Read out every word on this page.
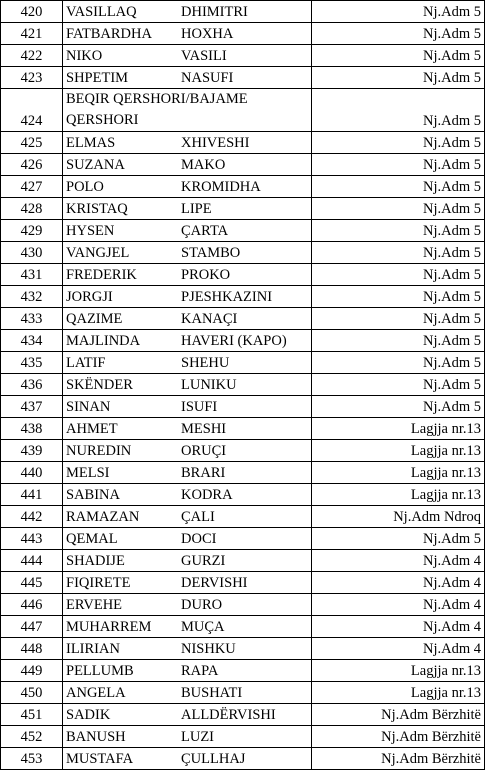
420	VASILLAQ DHIMITRI	Nj.Adm 5
421	FATBARDHA HOXHA	Nj.Adm 5
422	NIKO VASILI	Nj.Adm 5
423	SHPETIM NASUFI	Nj.Adm 5
424	BEQIR QERSHORI/BAJAME QERSHORI	Nj.Adm 5
425	ELMAS XHIVESHI	Nj.Adm 5
426	SUZANA MAKO	Nj.Adm 5
427	POLO KROMIDHA	Nj.Adm 5
428	KRISTAQ LIPE	Nj.Adm 5
429	HYSEN ÇARTA	Nj.Adm 5
430	VANGJEL STAMBO	Nj.Adm 5
431	FREDERIK PROKO	Nj.Adm 5
432	JORGJI PJESHKAZINI	Nj.Adm 5
433	QAZIME KANAÇI	Nj.Adm 5
434	MAJLINDA HAVERI (KAPO)	Nj.Adm 5
435	LATIF SHEHU	Nj.Adm 5
436	SKËNDER LUNIKU	Nj.Adm 5
437	SINAN ISUFI	Nj.Adm 5
438	AHMET MESHI	Lagjja nr.13
439	NUREDIN ORUÇI	Lagjja nr.13
440	MELSI BRARI	Lagjja nr.13
441	SABINA KODRA	Lagjja nr.13
442	RAMAZAN ÇALI	Nj.Adm Ndroq
443	QEMAL DOCI	Nj.Adm 5
444	SHADIJE GURZI	Nj.Adm 4
445	FIQIRETE DERVISHI	Nj.Adm 4
446	ERVEHE DURO	Nj.Adm 4
447	MUHARREM MUÇA	Nj.Adm 4
448	ILIRIAN NISHKU	Nj.Adm 4
449	PELLUMB RAPA	Lagjja nr.13
450	ANGELA BUSHATI	Lagjja nr.13
451	SADIK ALLDËRVISHI	Nj.Adm Bërzhitë
452	BANUSH LUZI	Nj.Adm Bërzhitë
453	MUSTAFA ÇULLHAJ	Nj.Adm Bërzhitë
